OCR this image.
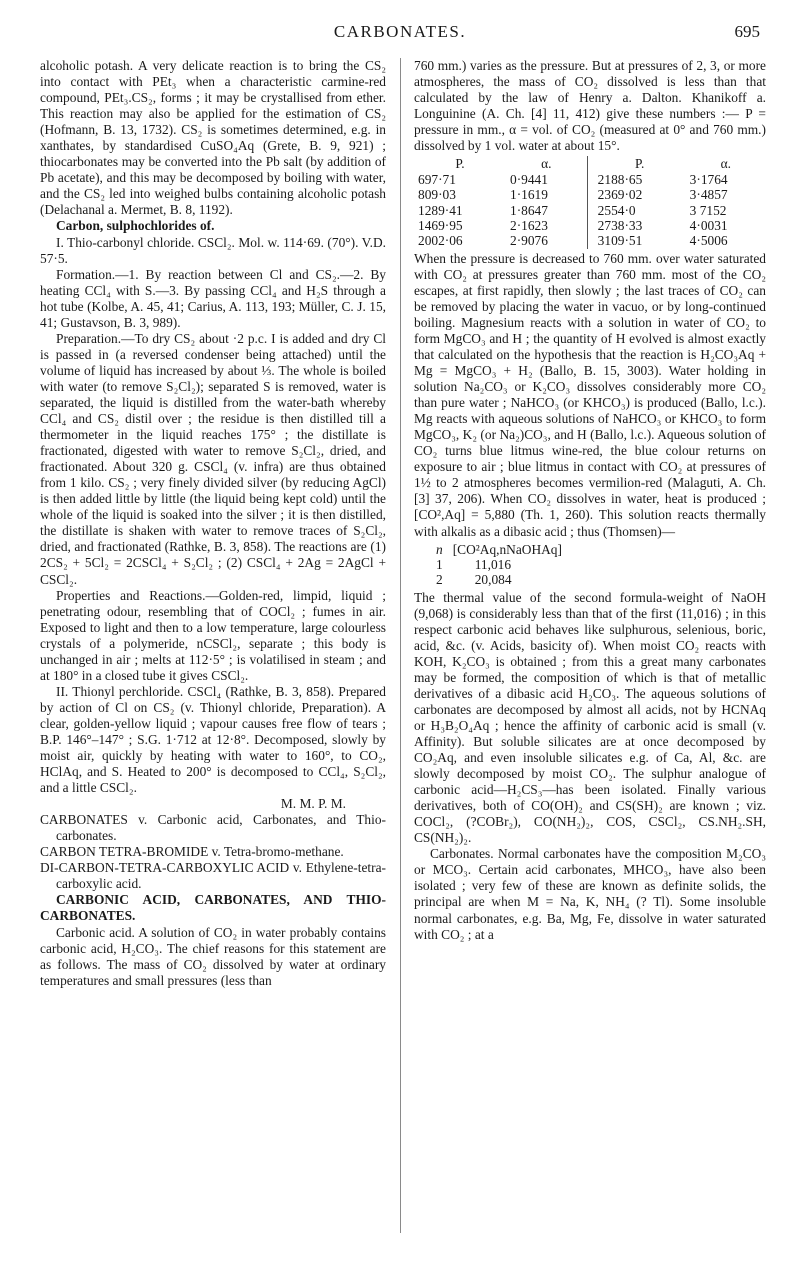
CARBONATES.	695

alcoholic potash. A very delicate reaction is to bring the CS₂ into contact with PEt₃ when a characteristic carmine-red compound, PEt₃.CS₂, forms ; it may be crystallised from ether. This reaction may also be applied for the estimation of CS₂ (Hofmann, B. 13, 1732). CS₂ is sometimes determined, e.g. in xanthates, by standardised CuSO₄Aq (Grete, B. 9, 921) ; thiocarbonates may be converted into the Pb salt (by addition of Pb acetate), and this may be decomposed by boiling with water, and the CS₂ led into weighed bulbs containing alcoholic potash (Delachanal a. Mermet, B. 8, 1192).

Carbon, sulphochlorides of.

I. Thio-carbonyl chloride. CSCl₂. Mol. w. 114·69. (70°). V.D. 57·5.

Formation.—1. By reaction between Cl and CS₂.—2. By heating CCl₄ with S.—3. By passing CCl₄ and H₂S through a hot tube (Kolbe, A. 45, 41; Carius, A. 113, 193; Müller, C. J. 15, 41; Gustavson, B. 3, 989).

Preparation.—To dry CS₂ about ·2 p.c. I is added and dry Cl is passed in (a reversed condenser being attached) until the volume of liquid has increased by about ⅓. The whole is boiled with water (to remove S₂Cl₂); separated S is removed, water is separated, the liquid is distilled from the water-bath whereby CCl₄ and CS₂ distil over ; the residue is then distilled till a thermometer in the liquid reaches 175° ; the distillate is fractionated, digested with water to remove S₂Cl₂, dried, and fractionated. About 320 g. CSCl₄ (v. infra) are thus obtained from 1 kilo. CS₂ ; very finely divided silver (by reducing AgCl) is then added little by little (the liquid being kept cold) until the whole of the liquid is soaked into the silver ; it is then distilled, the distillate is shaken with water to remove traces of S₂Cl₂, dried, and fractionated (Rathke, B. 3, 858). The reactions are (1) 2CS₂ + 5Cl₂ = 2CSCl₄ + S₂Cl₂ ; (2) CSCl₄ + 2Ag = 2AgCl + CSCl₂.

Properties and Reactions.—Golden-red, limpid, liquid ; penetrating odour, resembling that of COCl₂ ; fumes in air. Exposed to light and then to a low temperature, large colourless crystals of a polymeride, nCSCl₂, separate ; this body is unchanged in air ; melts at 112·5° ; is volatilised in steam ; and at 180° in a closed tube it gives CSCl₂.

II. Thionyl perchloride. CSCl₄ (Rathke, B. 3, 858). Prepared by action of Cl on CS₂ (v. Thionyl chloride, Preparation). A clear, golden-yellow liquid ; vapour causes free flow of tears ; B.P. 146°–147° ; S.G. 1·712 at 12·8°. Decomposed, slowly by moist air, quickly by heating with water to 160°, to CO₂, HClAq, and S. Heated to 200° is decomposed to CCl₄, S₂Cl₂, and a little CSCl₂.

M. M. P. M.

CARBONATES v. Carbonic acid, Carbonates, and Thio-carbonates.

CARBON TETRA-BROMIDE v. Tetra-bromo-methane.

DI-CARBON-TETRA-CARBOXYLIC ACID v. Ethylene-tetra-carboxylic acid.

CARBONIC ACID, CARBONATES, AND THIO-CARBONATES.

Carbonic acid. A solution of CO₂ in water probably contains carbonic acid, H₂CO₃. The chief reasons for this statement are as follows. The mass of CO₂ dissolved by water at ordinary temperatures and small pressures (less than

760 mm.) varies as the pressure. But at pressures of 2, 3, or more atmospheres, the mass of CO₂ dissolved is less than that calculated by the law of Henry a. Dalton. Khanikoff a. Longuinine (A. Ch. [4] 11, 412) give these numbers :— P = pressure in mm., α = vol. of CO₂ (measured at 0° and 760 mm.) dissolved by 1 vol. water at about 15°.

P.	α.		P.	α.
697·71	0·9441		2188·65	3·1764
809·03	1·1619		2369·02	3·4857
1289·41	1·8647		2554·0	3 7152
1469·95	2·1623		2738·33	4·0031
2002·06	2·9076		3109·51	4·5006

When the pressure is decreased to 760 mm. over water saturated with CO₂ at pressures greater than 760 mm. most of the CO₂ escapes, at first rapidly, then slowly ; the last traces of CO₂ can be removed by placing the water in vacuo, or by long-continued boiling. Magnesium reacts with a solution in water of CO₂ to form MgCO₃ and H ; the quantity of H evolved is almost exactly that calculated on the hypothesis that the reaction is H₂CO₃Aq + Mg = MgCO₃ + H₂ (Ballo, B. 15, 3003). Water holding in solution Na₂CO₃ or K₂CO₃ dissolves considerably more CO₂ than pure water ; NaHCO₃ (or KHCO₃) is produced (Ballo, l.c.). Mg reacts with aqueous solutions of NaHCO₃ or KHCO₃ to form MgCO₃, K₂ (or Na₂)CO₃, and H (Ballo, l.c.). Aqueous solution of CO₂ turns blue litmus wine-red, the blue colour returns on exposure to air ; blue litmus in contact with CO₂ at pressures of 1½ to 2 atmospheres becomes vermilion-red (Malaguti, A. Ch. [3] 37, 206). When CO₂ dissolves in water, heat is produced ; [CO²,Aq] = 5,880 (Th. 1, 260). This solution reacts thermally with alkalis as a dibasic acid ; thus (Thomsen)—

n	[CO²Aq,nNaOHAq]
1	11,016
2	20,084

The thermal value of the second formula-weight of NaOH (9,068) is considerably less than that of the first (11,016) ; in this respect carbonic acid behaves like sulphurous, selenious, boric, acid, &c. (v. Acids, basicity of). When moist CO₂ reacts with KOH, K₂CO₃ is obtained ; from this a great many carbonates may be formed, the composition of which is that of metallic derivatives of a dibasic acid H₂CO₃. The aqueous solutions of carbonates are decomposed by almost all acids, not by HCNAq or H₃B₂O₄Aq ; hence the affinity of carbonic acid is small (v. Affinity). But soluble silicates are at once decomposed by CO₂Aq, and even insoluble silicates e.g. of Ca, Al, &c. are slowly decomposed by moist CO₂. The sulphur analogue of carbonic acid—H₂CS₃—has been isolated. Finally various derivatives, both of CO(OH)₂ and CS(SH)₂ are known ; viz. COCl₂, (?COBr₂), CO(NH₂)₂, COS, CSCl₂, CS.NH₂.SH, CS(NH₂)₂.

Carbonates. Normal carbonates have the composition M₂CO₃ or MCO₃. Certain acid carbonates, MHCO₃, have also been isolated ; very few of these are known as definite solids, the principal are when M = Na, K, NH₄ (? Tl). Some insoluble normal carbonates, e.g. Ba, Mg, Fe, dissolve in water saturated with CO₂ ; at a
